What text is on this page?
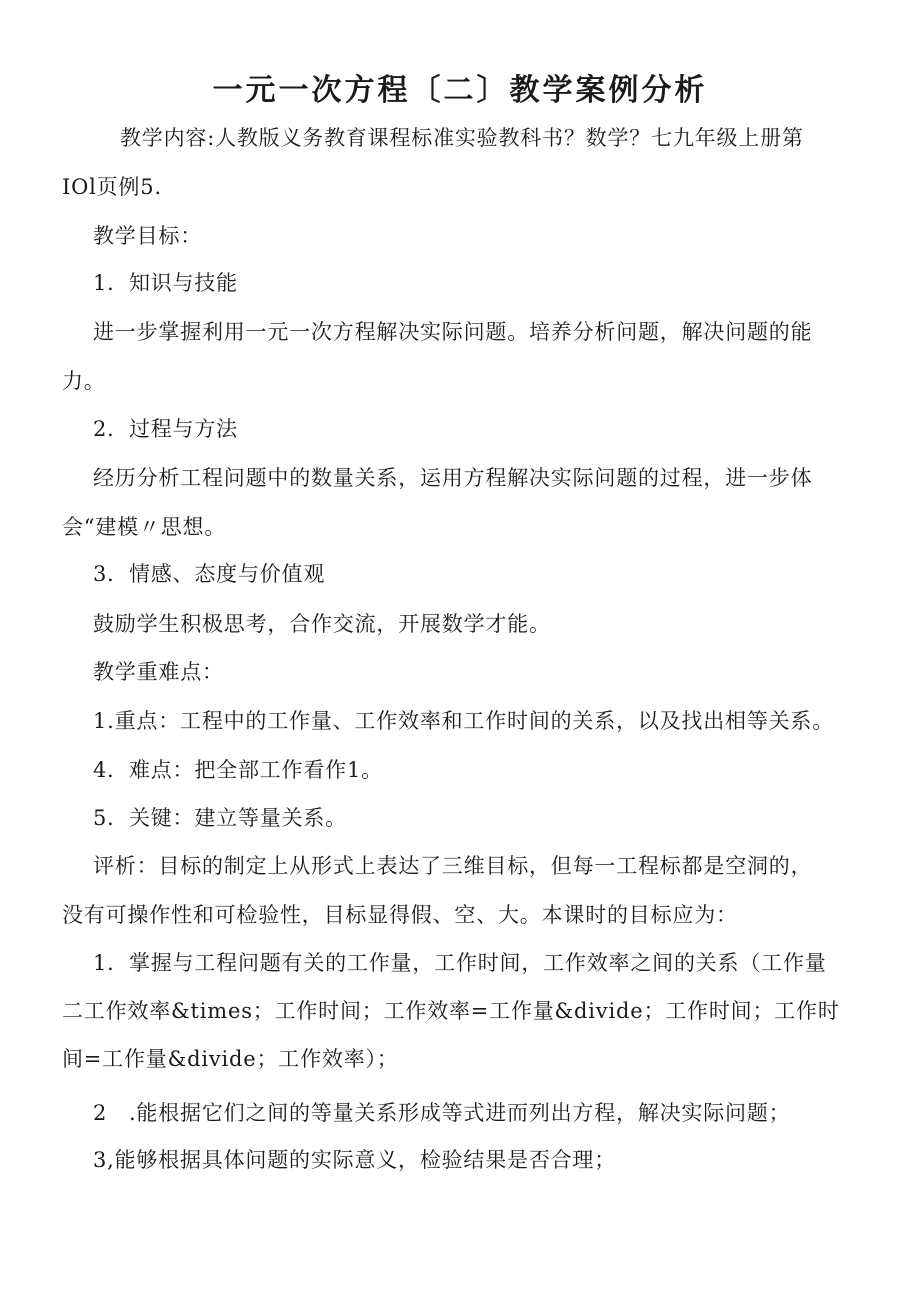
一元一次方程〔二〕教学案例分析

教学内容:人教版义务教育课程标准实验教科书？数学？七九年级上册第

IOl页例5.

教学目标：

1．知识与技能

进一步掌握利用一元一次方程解决实际问题。培养分析问题，解决问题的能

力。

2．过程与方法

经历分析工程问题中的数量关系，运用方程解决实际问题的过程，进一步体

会“建模〃思想。

3．情感、态度与价值观

鼓励学生积极思考，合作交流，开展数学才能。

教学重难点：

1.重点：工程中的工作量、工作效率和工作时间的关系，以及找出相等关系。

4．难点：把全部工作看作1。

5．关键：建立等量关系。

评析：目标的制定上从形式上表达了三维目标，但每一工程标都是空洞的，

没有可操作性和可检验性，目标显得假、空、大。本课时的目标应为：

1．掌握与工程问题有关的工作量，工作时间，工作效率之间的关系（工作量

二工作效率&times；工作时间；工作效率=工作量&divide；工作时间；工作时

间=工作量&divide；工作效率）；

2　.能根据它们之间的等量关系形成等式进而列出方程，解决实际问题；

3,能够根据具体问题的实际意义，检验结果是否合理；
